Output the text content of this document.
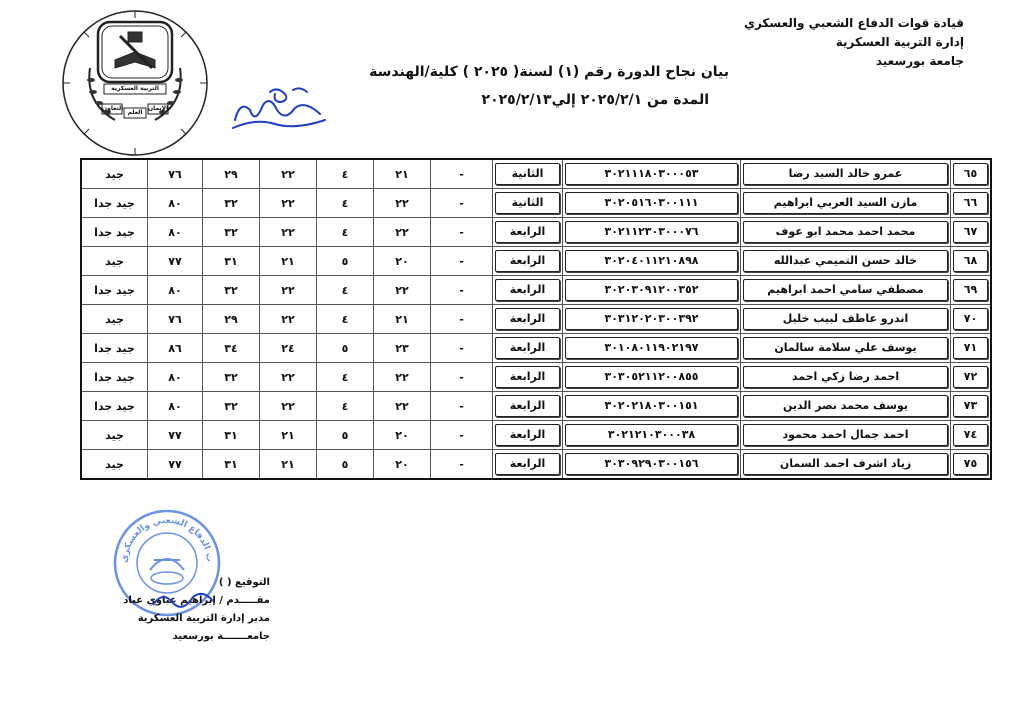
قيادة قوات الدفاع الشعبي والعسكري
إدارة التربية العسكرية
جامعة بورسعيد
بيان نجاح الدورة رقم (١) لسنة( ٢٠٢٥ ) كلية/الهندسة
المدة من ٢٠٢٥/٢/١ إلي٢٠٢٥/٢/١٣
التربية العسكرية
الإيمان
العلم
التعاون
٦٥	عمرو خالد السيد رضا	٣٠٢١١١٨٠٣٠٠٠٥٣	الثانية	-	٢١	٤	٢٢	٢٩	٧٦	جيد
٦٦	مازن السيد العربي ابراهيم	٣٠٢٠٥١٦٠٣٠٠١١١	الثانية	-	٢٢	٤	٢٢	٣٢	٨٠	جيد جدا
٦٧	محمد احمد محمد ابو عوف	٣٠٢١١٢٣٠٣٠٠٠٧٦	الرابعة	-	٢٢	٤	٢٢	٣٢	٨٠	جيد جدا
٦٨	خالد حسن التميمي عبدالله	٣٠٢٠٤٠١١٢١٠٨٩٨	الرابعة	-	٢٠	٥	٢١	٣١	٧٧	جيد
٦٩	مصطفي سامي احمد ابراهيم	٣٠٢٠٣٠٩١٢٠٠٣٥٢	الرابعة	-	٢٢	٤	٢٢	٣٢	٨٠	جيد جدا
٧٠	اندرو عاطف لبيب خليل	٣٠٣١٢٠٢٠٣٠٠٣٩٢	الرابعة	-	٢١	٤	٢٢	٢٩	٧٦	جيد
٧١	يوسف علي سلامة سالمان	٣٠١٠٨٠١١٩٠٢١٩٧	الرابعة	-	٢٣	٥	٢٤	٣٤	٨٦	جيد جدا
٧٢	احمد رضا زكي احمد	٣٠٣٠٥٢١١٢٠٠٨٥٥	الرابعة	-	٢٢	٤	٢٢	٣٢	٨٠	جيد جدا
٧٣	يوسف محمد نصر الدين	٣٠٢٠٢١٨٠٣٠٠١٥١	الرابعة	-	٢٢	٤	٢٢	٣٢	٨٠	جيد جدا
٧٤	احمد جمال احمد محمود	٣٠٢١٢١٠٣٠٠٠٣٨	الرابعة	-	٢٠	٥	٢١	٣١	٧٧	جيد
٧٥	زياد اشرف احمد السمان	٣٠٣٠٩٢٩٠٣٠٠١٥٦	الرابعة	-	٢٠	٥	٢١	٣١	٧٧	جيد
ت الدفاع الشعبي والعسكري
التوقيع ( )
مقـــــدم / إبراهيم عباوي عياد
مدير إدارة التربية العسكرية
جامعـــــــة بورسعيد
